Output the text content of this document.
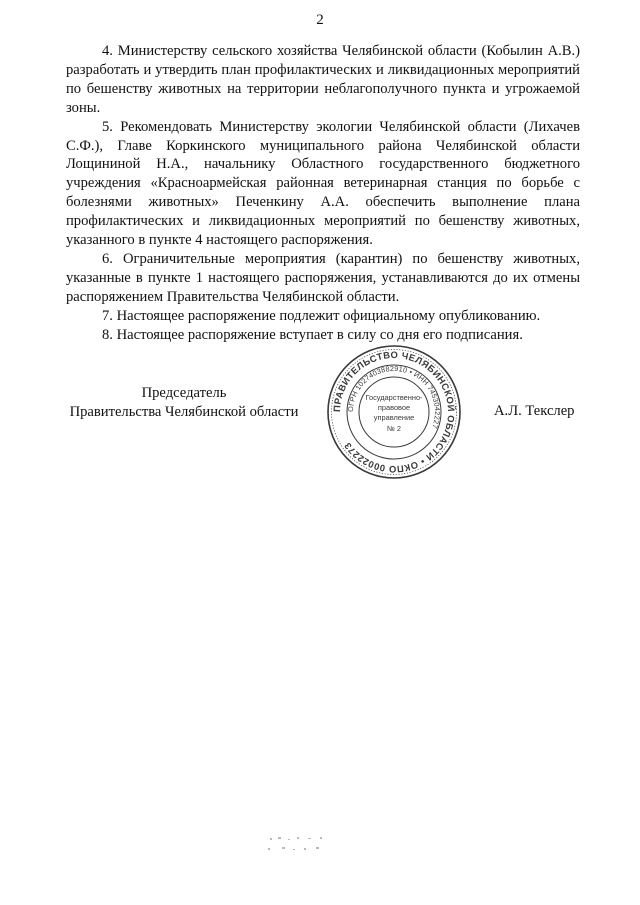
2

4. Министерству сельского хозяйства Челябинской области (Кобылин А.В.) разработать и утвердить план профилактических и ликвидационных мероприятий по бешенству животных на территории неблагополучного пункта и угрожаемой зоны.

5. Рекомендовать Министерству экологии Челябинской области (Лихачев С.Ф.), Главе Коркинского муниципального района Челябинской области Лощининой Н.А., начальнику Областного государственного бюджетного учреждения «Красноармейская районная ветеринарная станция по борьбе с болезнями животных» Печенкину А.А. обеспечить выполнение плана профилактических и ликвидационных мероприятий по бешенству животных, указанного в пункте 4 настоящего распоряжения.

6. Ограничительные мероприятия (карантин) по бешенству животных, указанные в пункте 1 настоящего распоряжения, устанавливаются до их отмены распоряжением Правительства Челябинской области.

7. Настоящее распоряжение подлежит официальному опубликованию.

8. Настоящее распоряжение вступает в силу со дня его подписания.

Председатель
Правительства Челябинской области	А.Л. Текслер
ПРАВИТЕЛЬСТВО ЧЕЛЯБИНСКОЙ ОБЛАСТИ • ОКПО 00022273
ОГРН 1027403882910 • ИНН 7453042227
Государственно-
правовое
управление
№ 2
